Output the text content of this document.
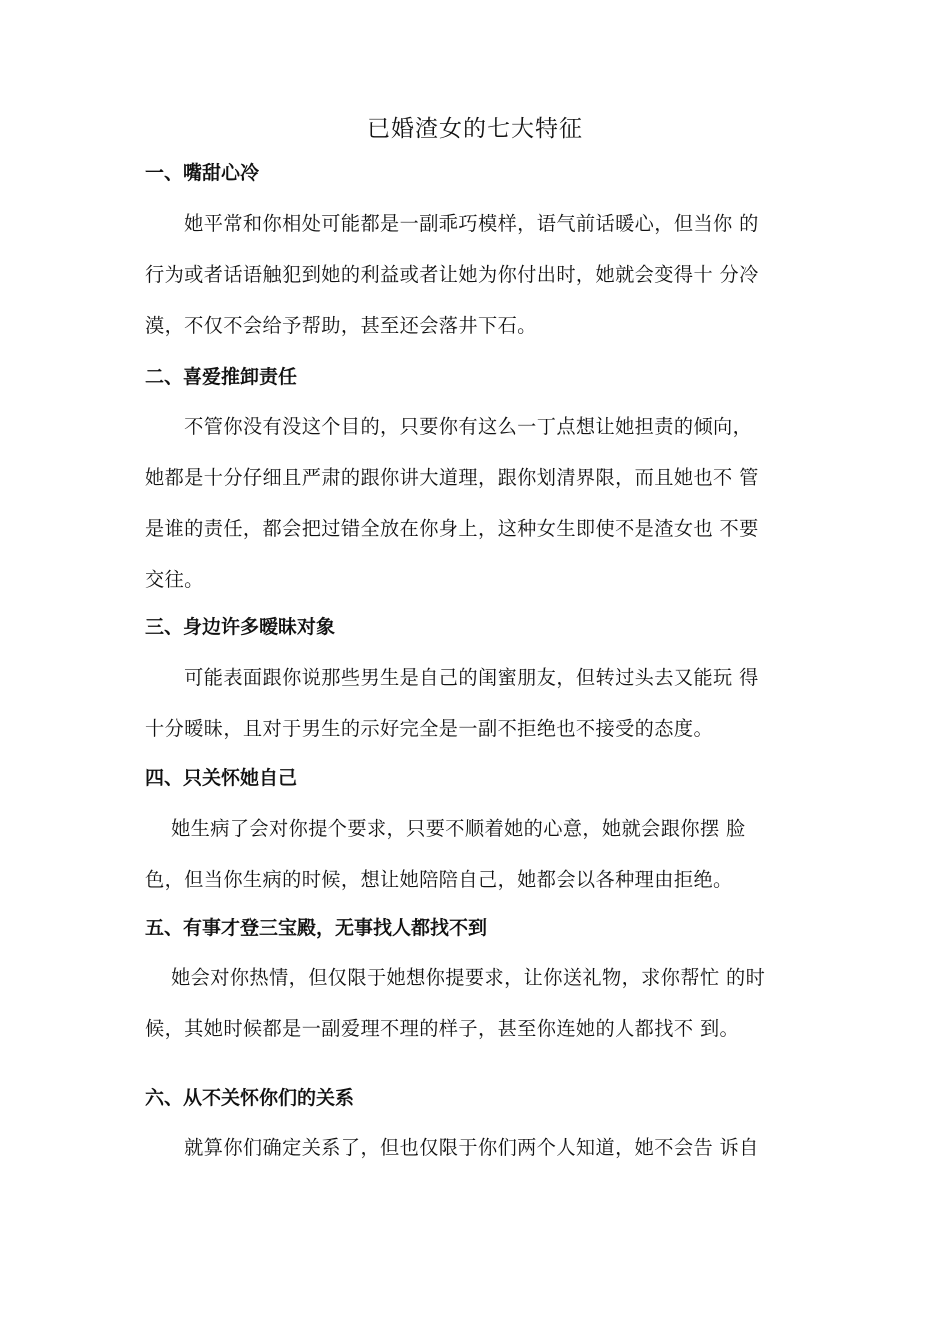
已婚渣女的七大特征
一、嘴甜心冷

　　她平常和你相处可能都是一副乖巧模样，语气前话暖心，但当你 的
行为或者话语触犯到她的利益或者让她为你付出时，她就会变得十 分冷
漠，不仅不会给予帮助，甚至还会落井下石。

二、喜爱推卸责任

　　不管你没有没这个目的，只要你有这么一丁点想让她担责的倾向，
她都是十分仔细且严肃的跟你讲大道理，跟你划清界限，而且她也不 管
是谁的责任，都会把过错全放在你身上，这种女生即使不是渣女也 不要
交往。

三、身边许多暧昧对象

　　可能表面跟你说那些男生是自己的闺蜜朋友，但转过头去又能玩 得
十分暧昧，且对于男生的示好完全是一副不拒绝也不接受的态度。

四、只关怀她自己

　 她生病了会对你提个要求，只要不顺着她的心意，她就会跟你摆 脸
色，但当你生病的时候，想让她陪陪自己，她都会以各种理由拒绝。

五、有事才登三宝殿，无事找人都找不到

　 她会对你热情，但仅限于她想你提要求，让你送礼物，求你帮忙 的时
候，其她时候都是一副爱理不理的样子，甚至你连她的人都找不 到。

六、从不关怀你们的关系

　　就算你们确定关系了，但也仅限于你们两个人知道，她不会告 诉自
